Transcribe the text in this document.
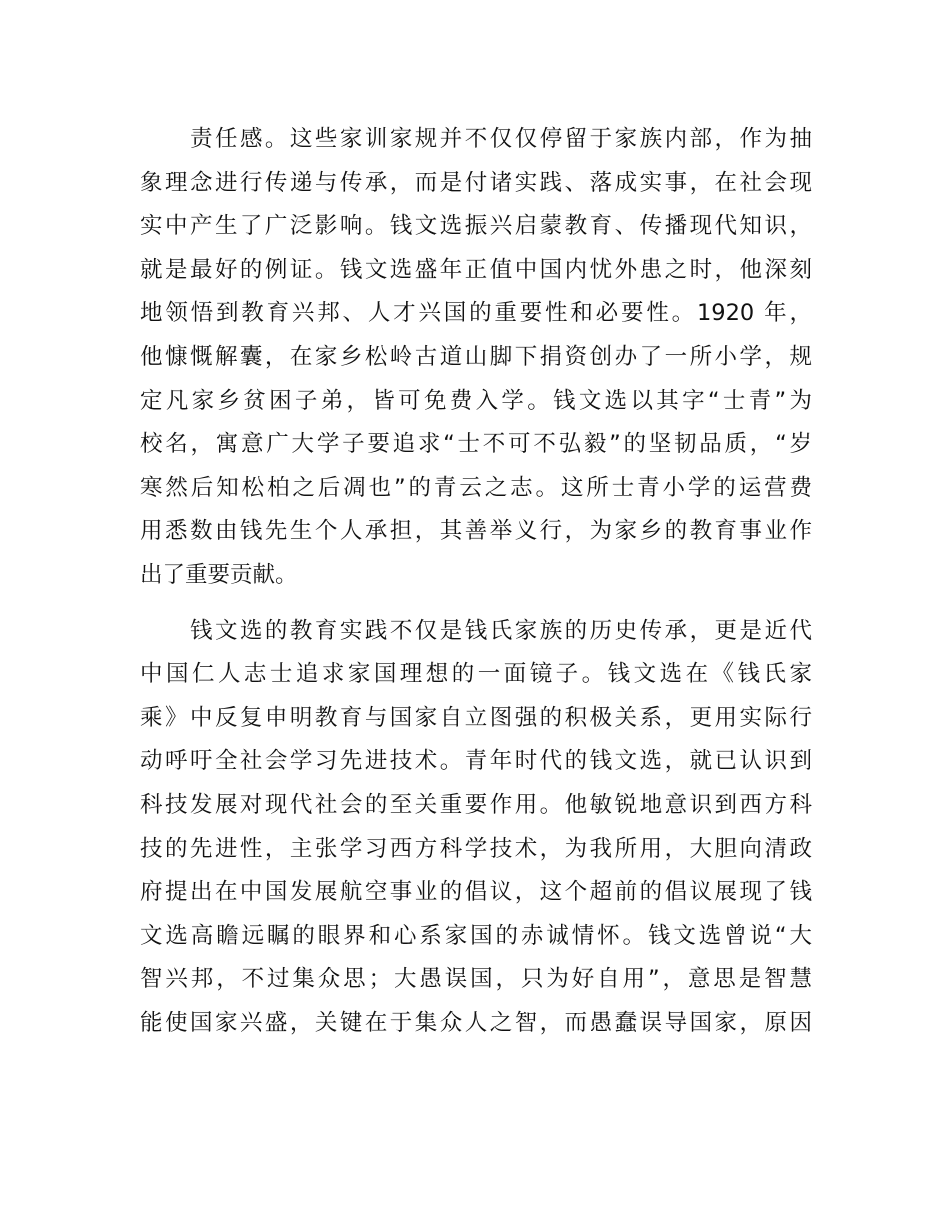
责任感。这些家训家规并不仅仅停留于家族内部，作为抽
象理念进行传递与传承，而是付诸实践、落成实事，在社会现
实中产生了广泛影响。钱文选振兴启蒙教育、传播现代知识，
就是最好的例证。钱文选盛年正值中国内忧外患之时，他深刻
地领悟到教育兴邦、人才兴国的重要性和必要性。1920 年，
他慷慨解囊，在家乡松岭古道山脚下捐资创办了一所小学，规
定凡家乡贫困子弟，皆可免费入学。钱文选以其字“士青”为
校名，寓意广大学子要追求“士不可不弘毅”的坚韧品质，“岁
寒然后知松柏之后凋也”的青云之志。这所士青小学的运营费
用悉数由钱先生个人承担，其善举义行，为家乡的教育事业作
出了重要贡献。
钱文选的教育实践不仅是钱氏家族的历史传承，更是近代
中国仁人志士追求家国理想的一面镜子。钱文选在《钱氏家
乘》中反复申明教育与国家自立图强的积极关系，更用实际行
动呼吁全社会学习先进技术。青年时代的钱文选，就已认识到
科技发展对现代社会的至关重要作用。他敏锐地意识到西方科
技的先进性，主张学习西方科学技术，为我所用，大胆向清政
府提出在中国发展航空事业的倡议，这个超前的倡议展现了钱
文选高瞻远瞩的眼界和心系家国的赤诚情怀。钱文选曾说“大
智兴邦，不过集众思；大愚误国，只为好自用”，意思是智慧
能使国家兴盛，关键在于集众人之智，而愚蠢误导国家，原因
